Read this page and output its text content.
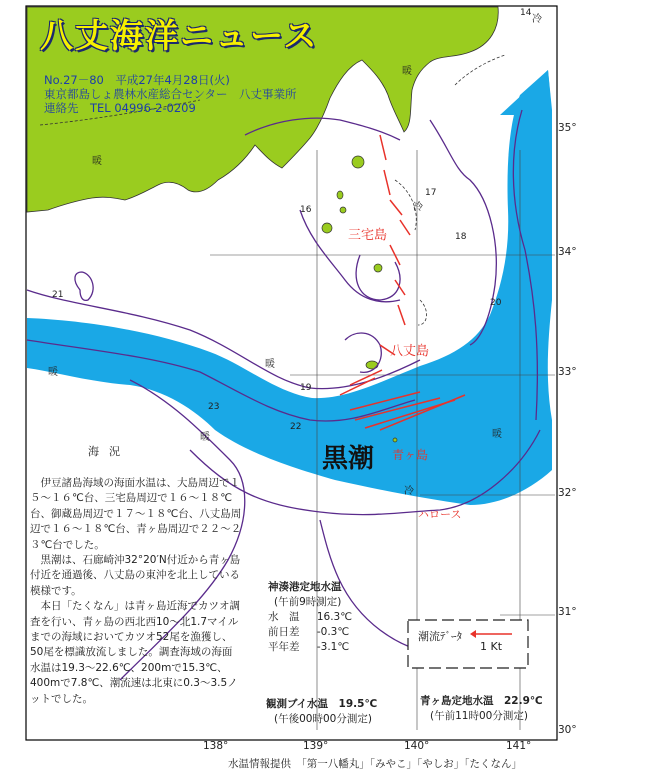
八丈海洋ニュース
No.27－80　平成27年4月28日(火)
東京都島しょ農林水産総合センター　八丈事業所
連絡先　TEL 04996-2-0209
三宅島
八丈島
青ヶ島
黒潮
ハロース
暖
暖
暖
暖
暖
暖
冷
冷
冷
14
17
16
18
19
20
21
22
23
35°
34°
33°
32°
31°
30°
138°	139°	140°	141°
海況

伊豆諸島海域の海面水温は、大島周辺で１５～１６℃台、三宅島周辺で１６～１８℃台、御蔵島周辺で１７～１８℃台、八丈島周辺で１６～１８℃台、青ヶ島周辺で２２～２３℃台でした。

黒潮は、石廊崎沖32°20′N付近から青ヶ島付近を通過後、八丈島の東沖を北上している模様です。

本日「たくなん」は青ヶ島近海でカツオ調査を行い、青ヶ島の西北西10～北1.7マイルまでの海域においてカツオ52尾を漁獲し、50尾を標識放流しました。調査海域の海面水温は19.3～22.6℃、200mで15.3℃、400mで7.8℃、潮流速は北東に0.3～3.5ノットでした。

神湊港定地水温
(午前9時測定)
水　温 16.3℃
前日差 -0.3℃
平年差 -3.1℃
観測ブイ水温　19.5℃
(午後00時00分測定)
青ヶ島定地水温　22.9℃
(午前11時00分測定)
潮流ﾃﾞｰﾀ
1 Kt
水温情報提供　「第一八幡丸」「みやこ」「やしお」「たくなん」
